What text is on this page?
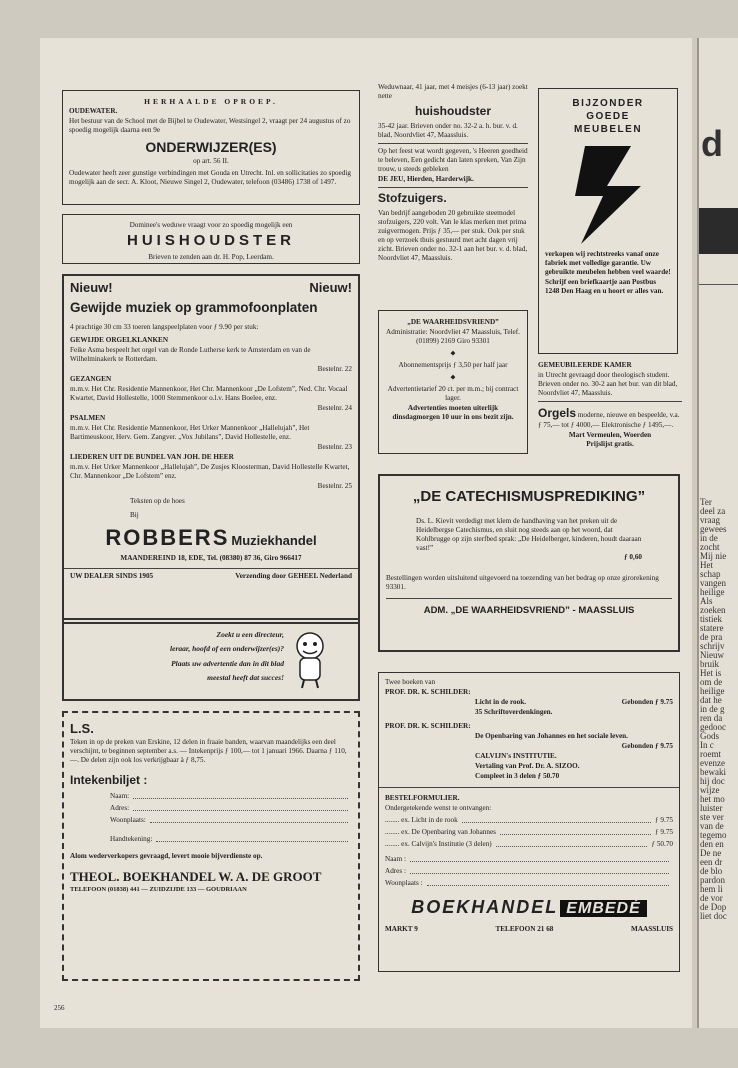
HERHAALDE OPROEP.

OUDEWATER.

Het bestuur van de School met de Bijbel te Oudewater, Westsingel 2, vraagt per 24 augustus of zo spoedig mogelijk daarna een 9e

ONDERWIJZER(ES)
op art. 56 II.

Oudewater heeft zeer gunstige verbindingen met Gouda en Utrecht. Inl. en sollicitaties zo spoedig mogelijk aan de secr. A. Kloot, Nieuwe Singel 2, Oudewater, telefoon (03486) 1738 of 1497.

Dominee's weduwe vraagt voor zo spoedig mogelijk een
HUISHOUDSTER
Brieven te zenden aan dr. H. Pop, Leerdam.
Nieuw!	Nieuw!
Gewijde muziek op grammofoonplaten

4 prachtige 30 cm 33 toeren langspeelplaten voor ƒ 9.90 per stuk:

GEWIJDE ORGELKLANKEN

Feike Asma bespeelt het orgel van de Ronde Lutherse kerk te Amsterdam en van de Wilhelminakerk te Rotterdam.

Bestelnr. 22

GEZANGEN

m.m.v. Het Chr. Residentie Mannenkoor, Het Chr. Mannenkoor „De Lofstem”, Ned. Chr. Vocaal Kwartet, David Hollestelle, 1000 Stemmenkoor o.l.v. Hans Boelee, enz.

Bestelnr. 24

PSALMEN

m.m.v. Het Chr. Residentie Mannenkoor, Het Urker Mannenkoor „Hallelujah”, Het Bartimeuskoor, Herv. Gem. Zangver. „Vox Jubilans”, David Hollestelle, enz.

Bestelnr. 23

LIEDEREN UIT DE BUNDEL VAN JOH. DE HEER

m.m.v. Het Urker Mannenkoor „Hallelujah”, De Zusjes Kloosterman, David Hollestelle Kwartet, Chr. Mannenkoor „De Lofstem” enz.

Bestelnr. 25

Teksten op de hoes

Bij

ROBBERS Muziekhandel
MAANDEREIND 18, EDE, Tel. (08380) 87 36, Giro 966417
UW DEALER SINDS 1905	Verzending door GEHEEL Nederland
Zoekt u een directeur,
leraar, hoofd of een onderwijzer(es)?
Plaats uw advertentie dan in dit blad
meestal heeft dat succes!
L.S.

Teken in op de preken van Erskine, 12 delen in fraaie banden, waarvan maandelijks een deel verschijnt, te beginnen september a.s. — Intekenprijs ƒ 100,— tot 1 januari 1966. Daarna ƒ 110,—. De delen zijn ook los verkrijgbaar à ƒ 8,75.

Intekenbiljet :
Naam:
Adres:
Woonplaats:
Handtekening:

Alom wederverkopers gevraagd, levert mooie bijverdienste op.

THEOL. BOEKHANDEL W. A. DE GROOT
TELEFOON (01838) 441 — ZUIDZIJDE 133 — GOUDRIAAN

Weduwnaar, 41 jaar, met 4 meisjes (6-13 jaar) zoekt nette

huishoudster

35-42 jaar. Brieven onder no. 32-2 a. h. bur. v. d. blad, Noordvliet 47, Maassluis.

Op het feest wat wordt gegeven, 's Heeren goedheid te beleven, Een gedicht dan laten spreken, Van Zijn trouw, u steeds gebleken

DE JEU, Hierden, Harderwijk.

Stofzuigers.

Van bedrijf aangeboden 20 gebruikte steemodel stofzuigers, 220 volt. Van le klas merken met prima zuigvermogen. Prijs ƒ 35,— per stuk. Ook per stuk en op verzoek thuis gestuurd met acht dagen vrij zicht. Brieven onder no. 32-1 aan het bur. v. d. blad, Noordvliet 47, Maassluis.

„DE WAARHEIDSVRIEND”

Administratie: Noordvliet 47 Maassluis, Telef. (01899) 2169 Giro 93301

⬥

Abonnementsprijs ƒ 3,50 per half jaar

⬥

Advertentietarief 20 ct. per m.m.; bij contract lager.

Advertenties moeten uiterlijk dinsdagmorgen 10 uur in ons bezit zijn.

BIJZONDER
GOEDE
MEUBELEN

verkopen wij rechtstreeks vanaf onze fabriek met volledige garantie. Uw gebruikte meubelen hebben veel waarde!

Schrijf een briefkaartje aan Postbus 1248 Den Haag en u hoort er alles van.

GEMEUBILEERDE KAMER

in Utrecht gevraagd door theologisch student. Brieven onder no. 30-2 aan het bur. van dit blad, Noordvliet 47, Maassluis.

Orgels moderne, nieuwe en bespeelde, v.a. ƒ 75,— tot ƒ 4000,— Elektronische ƒ 1495,—.

Mart Vermeulen, Woerden
Prijslijst gratis.
„DE CATECHISMUSPREDIKING”

Ds. L. Kievit verdedigt met klem de handhaving van het preken uit de Heidelbergse Catechismus, en sluit nog steeds aan op het woord, dat Kohlbrugge op zijn sterfbed sprak: „De Heidelberger, kinderen, houdt daaraan vast!”

ƒ 0,60

Bestellingen worden uitsluitend uitgevoerd na toezending van het bedrag op onze girorekening 93301.

ADM. „DE WAARHEIDSVRIEND” - MAASSLUIS

Twee boeken van

PROF. DR. K. SCHILDER:

Licht in de rook.	Gebonden ƒ 9.75

35 Schriftoverdenkingen.

PROF. DR. K. SCHILDER:

De Openbaring van Johannes en het sociale leven.

Gebonden ƒ 9.75

CALVIJN's INSTITUTIE.

Vertaling van Prof. Dr. A. SIZOO.

Compleet in 3 delen ƒ 50.70

BESTELFORMULIER.

Ondergetekende wenst te ontvangen:

........ ex. Licht in de rook	ƒ 9.75
........ ex. De Openbaring van Johannes	ƒ 9.75
........ ex. Calvijn's Institutie (3 delen)	ƒ 50.70
Naam :
Adres :
Woonplaats :
BOEKHANDEL EMBEDÉ
MARKT 9	TELEFOON 21 68	MAASSLUIS
256
d
Ter
deel za
vraag
gewees
in de
zocht
Mij nie
Het
schap
vangen
heilige
Als
zoeken
tistiek
statere
de pra
schrijv
Nieuw
bruik
Het is
om de
heilige
dat he
in de g
ren da
gedooc
Gods
In c
roemt
evenze
bewaki
hij doc
wijze
het mo
luister
ste ver
van de
tegemo
den en
De ne
een dr
de blo
pardon
hem li
de vor
de Dop
liet doc
